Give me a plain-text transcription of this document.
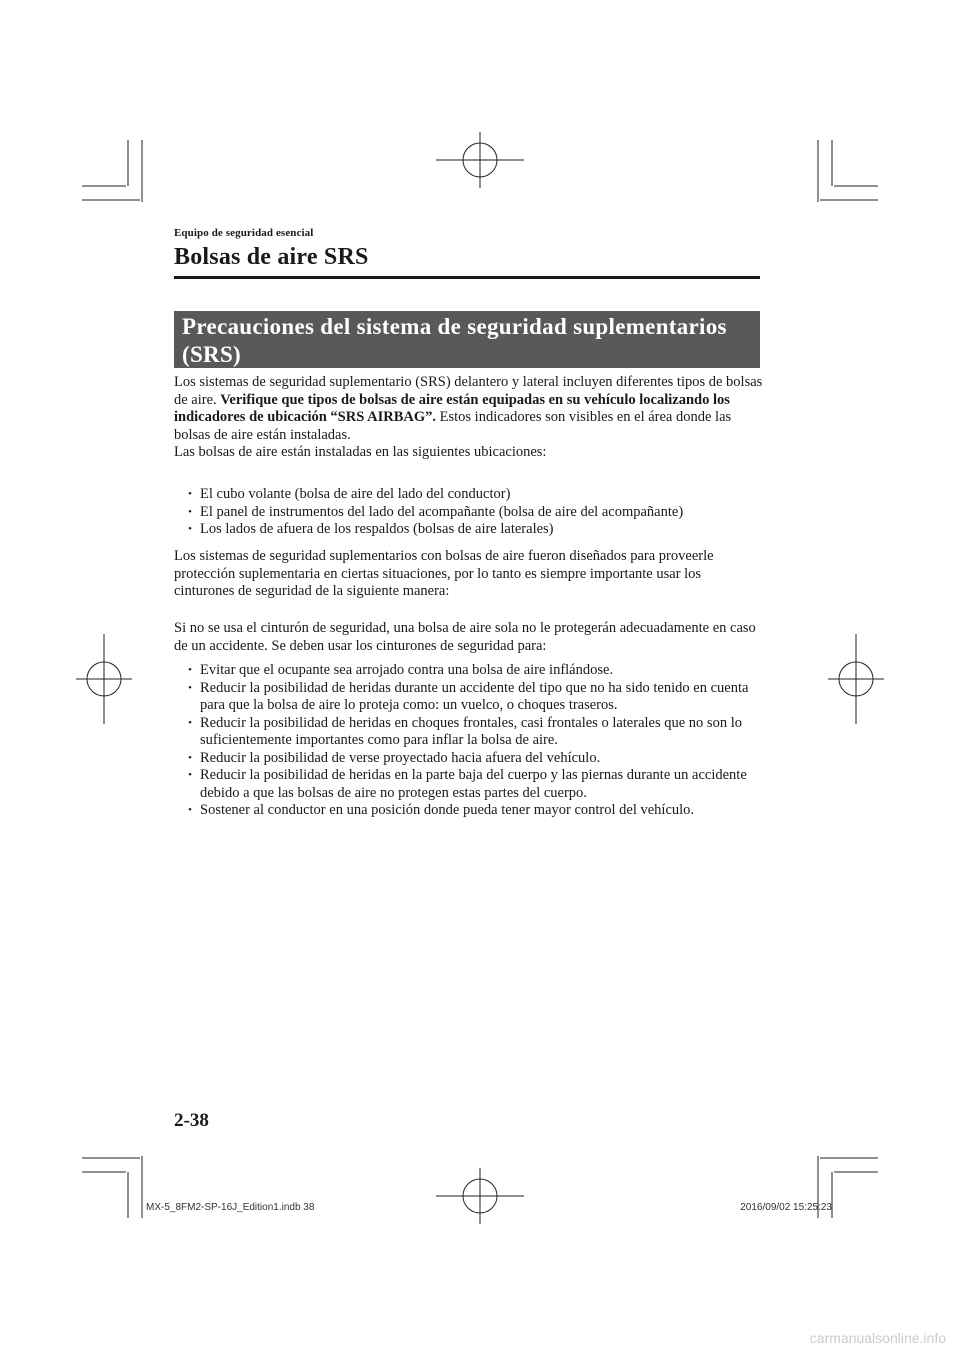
Equipo de seguridad esencial
Bolsas de aire SRS
Precauciones del sistema de seguridad suplementarios
(SRS)

Los sistemas de seguridad suplementario (SRS) delantero y lateral incluyen diferentes tipos de bolsas de aire. Verifique que tipos de bolsas de aire están equipadas en su vehículo localizando los indicadores de ubicación “SRS AIRBAG”. Estos indicadores son visibles en el área donde las bolsas de aire están instaladas.

Las bolsas de aire están instaladas en las siguientes ubicaciones:

• El cubo volante (bolsa de aire del lado del conductor)
• El panel de instrumentos del lado del acompañante (bolsa de aire del acompañante)
• Los lados de afuera de los respaldos (bolsas de aire laterales)

Los sistemas de seguridad suplementarios con bolsas de aire fueron diseñados para proveerle protección suplementaria en ciertas situaciones, por lo tanto es siempre importante usar los cinturones de seguridad de la siguiente manera:

Si no se usa el cinturón de seguridad, una bolsa de aire sola no le protegerán adecuadamente en caso de un accidente. Se deben usar los cinturones de seguridad para:

• Evitar que el ocupante sea arrojado contra una bolsa de aire inflándose.
• Reducir la posibilidad de heridas durante un accidente del tipo que no ha sido tenido en cuenta para que la bolsa de aire lo proteja como: un vuelco, o choques traseros.
• Reducir la posibilidad de heridas en choques frontales, casi frontales o laterales que no son lo suficientemente importantes como para inflar la bolsa de aire.
• Reducir la posibilidad de verse proyectado hacia afuera del vehículo.
• Reducir la posibilidad de heridas en la parte baja del cuerpo y las piernas durante un accidente debido a que las bolsas de aire no protegen estas partes del cuerpo.
• Sostener al conductor en una posición donde pueda tener mayor control del vehículo.
2-38
MX-5_8FM2-SP-16J_Edition1.indb 38	2016/09/02 15:25:23
carmanualsonline.info
